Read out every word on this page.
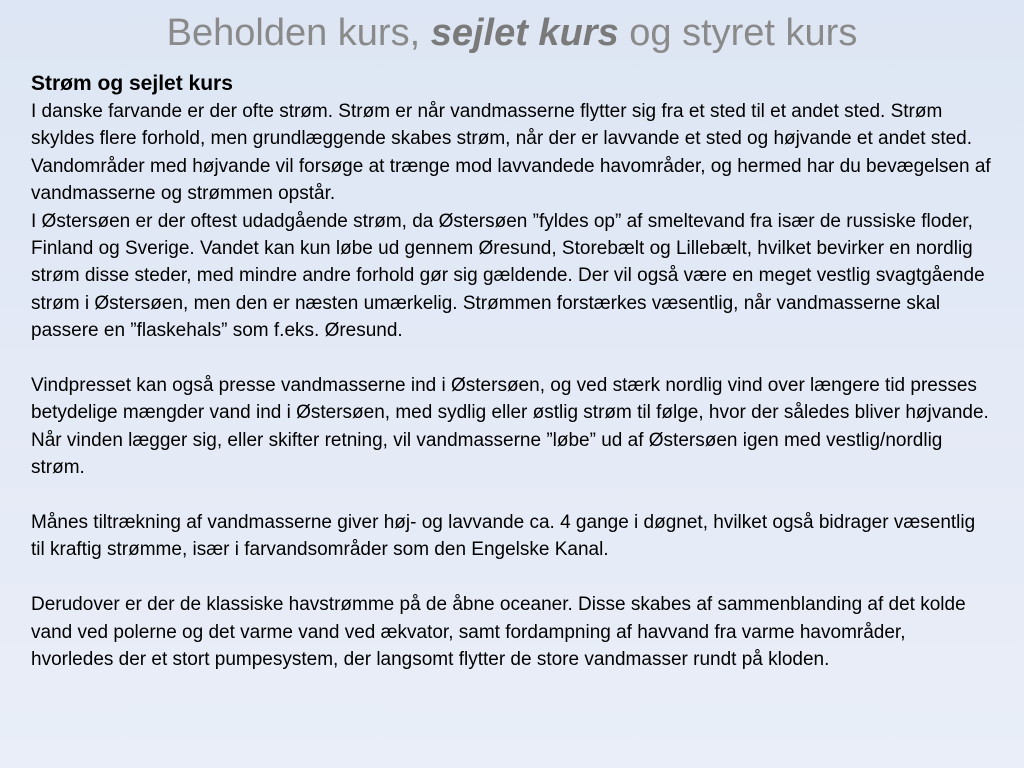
Beholden kurs, sejlet kurs og styret kurs

Strøm og sejlet kurs

I danske farvande er der ofte strøm. Strøm er når vandmasserne flytter sig fra et sted til et andet sted. Strøm skyldes flere forhold, men grundlæggende skabes strøm, når der er lavvande et sted og højvande et andet sted. Vandområder med højvande vil forsøge at trænge mod lavvandede havområder, og hermed har du bevægelsen af vandmasserne og strømmen opstår.

I Østersøen er der oftest udadgående strøm, da Østersøen ”fyldes op” af smeltevand fra især de russiske floder, Finland og Sverige. Vandet kan kun løbe ud gennem Øresund, Storebælt og Lillebælt, hvilket bevirker en nordlig strøm disse steder, med mindre andre forhold gør sig gældende. Der vil også være en meget vestlig svagtgående strøm i Østersøen, men den er næsten umærkelig. Strømmen forstærkes væsentlig, når vandmasserne skal passere en ”flaskehals” som f.eks. Øresund.

Vindpresset kan også presse vandmasserne ind i Østersøen, og ved stærk nordlig vind over længere tid presses betydelige mængder vand ind i Østersøen, med sydlig eller østlig strøm til følge, hvor der således bliver højvande. Når vinden lægger sig, eller skifter retning, vil vandmasserne ”løbe” ud af Østersøen igen med vestlig/nordlig strøm.

Månes tiltrækning af vandmasserne giver høj- og lavvande ca. 4 gange i døgnet, hvilket også bidrager væsentlig til kraftig strømme, især i farvandsområder som den Engelske Kanal.

Derudover er der de klassiske havstrømme på de åbne oceaner. Disse skabes af sammenblanding af det kolde vand ved polerne og det varme vand ved ækvator, samt fordampning af havvand fra varme havområder, hvorledes der et stort pumpesystem, der langsomt flytter de store vandmasser rundt på kloden.
